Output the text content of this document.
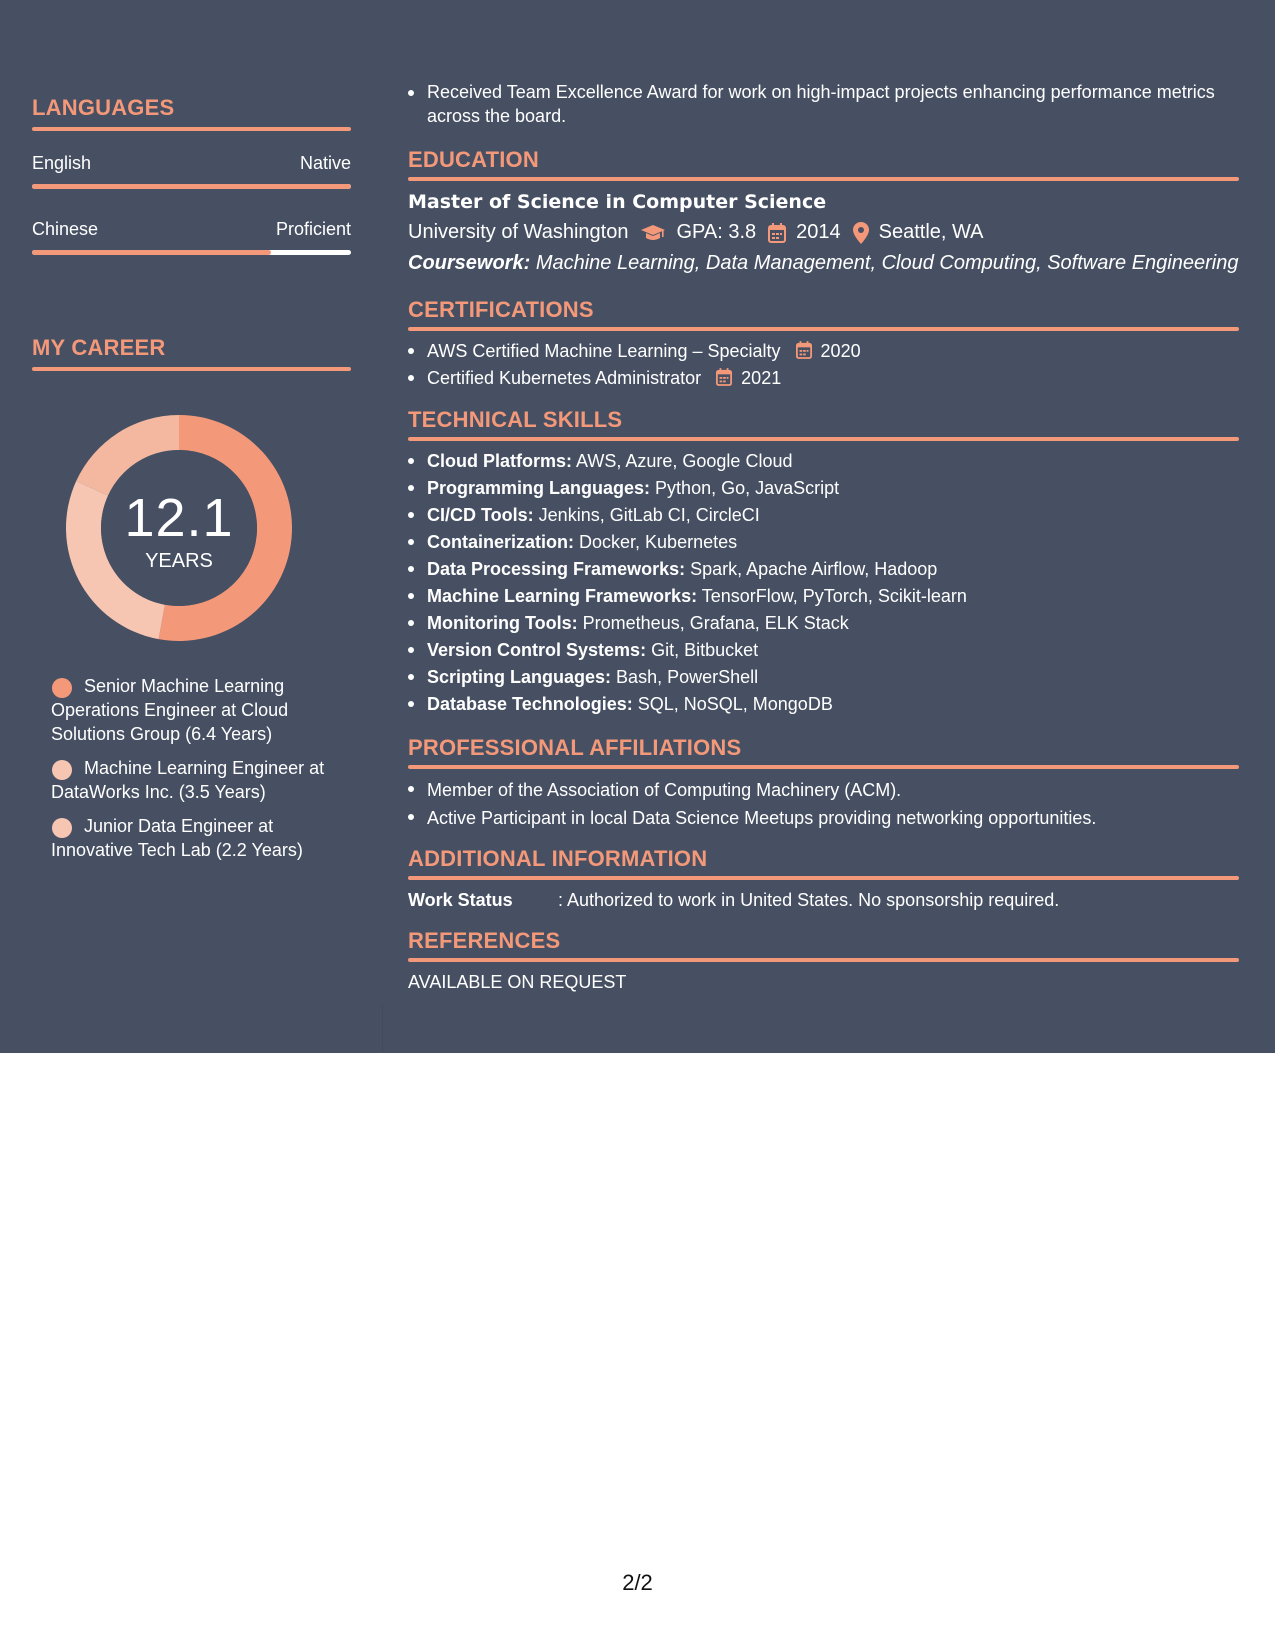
LANGUAGES
English	Native
Chinese	Proficient
MY CAREER
12.1
YEARS
Senior Machine Learning Operations Engineer at Cloud Solutions Group (6.4 Years)
Machine Learning Engineer at DataWorks Inc. (3.5 Years)
Junior Data Engineer at Innovative Tech Lab (2.2 Years)
Received Team Excellence Award for work on high-impact projects enhancing performance metrics across the board.
EDUCATION
Master of Science in Computer Science
University of Washington GPA: 3.8 2014 Seattle, WA
Coursework: Machine Learning, Data Management, Cloud Computing, Software Engineering
CERTIFICATIONS
AWS Certified Machine Learning – Specialty 2020
Certified Kubernetes Administrator 2021
TECHNICAL SKILLS
Cloud Platforms: AWS, Azure, Google Cloud
Programming Languages: Python, Go, JavaScript
CI/CD Tools: Jenkins, GitLab CI, CircleCI
Containerization: Docker, Kubernetes
Data Processing Frameworks: Spark, Apache Airflow, Hadoop
Machine Learning Frameworks: TensorFlow, PyTorch, Scikit-learn
Monitoring Tools: Prometheus, Grafana, ELK Stack
Version Control Systems: Git, Bitbucket
Scripting Languages: Bash, PowerShell
Database Technologies: SQL, NoSQL, MongoDB
PROFESSIONAL AFFILIATIONS
Member of the Association of Computing Machinery (ACM).
Active Participant in local Data Science Meetups providing networking opportunities.
ADDITIONAL INFORMATION
Work Status	: Authorized to work in United States. No sponsorship required.
REFERENCES
AVAILABLE ON REQUEST
2/2
